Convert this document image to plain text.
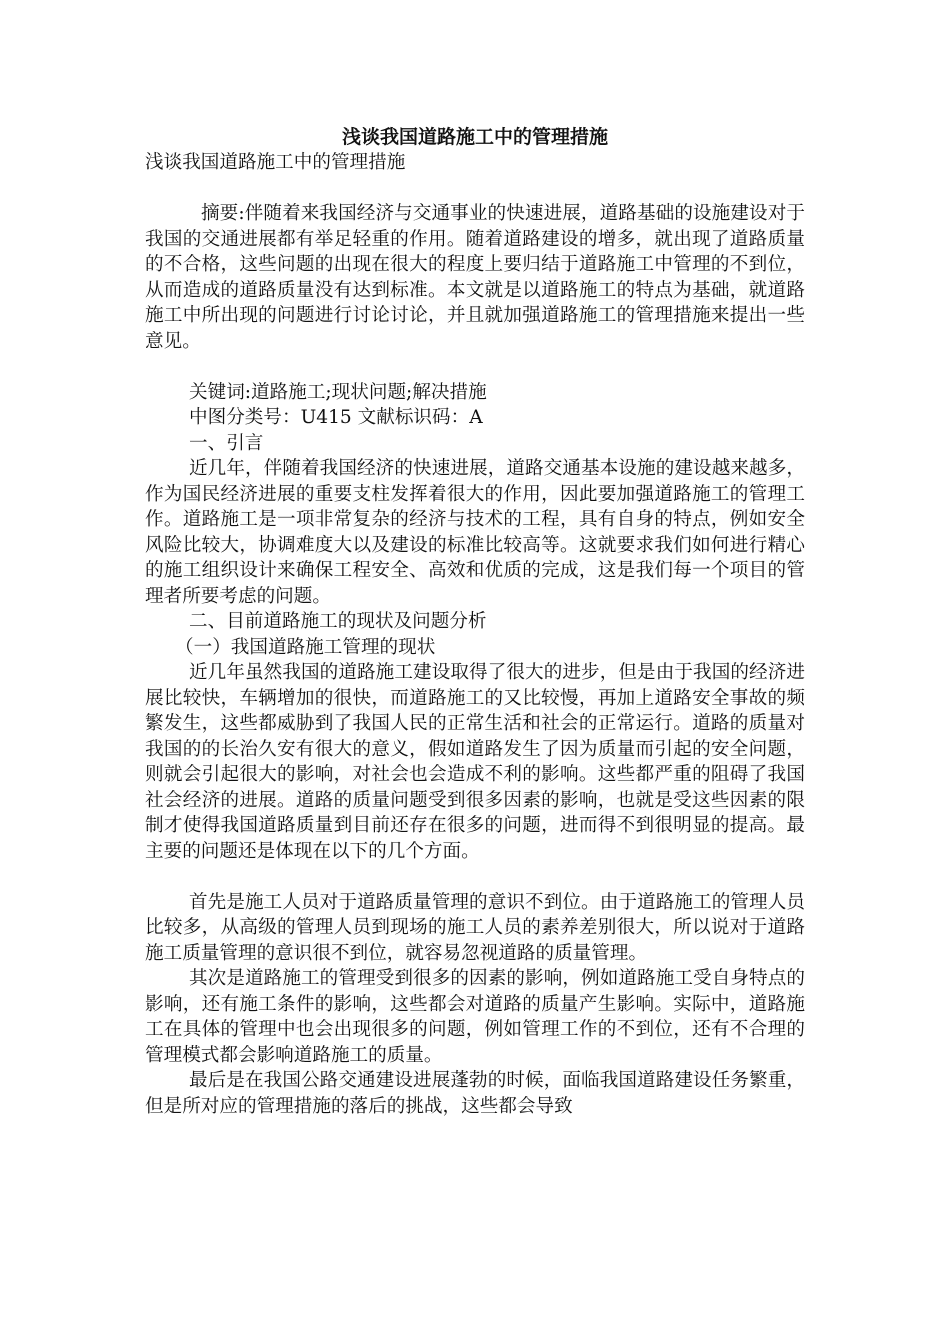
浅谈我国道路施工中的管理措施

浅谈我国道路施工中的管理措施

摘要:伴随着来我国经济与交通事业的快速进展，道路基础的设施建设对于我国的交通进展都有举足轻重的作用。随着道路建设的增多，就出现了道路质量的不合格，这些问题的出现在很大的程度上要归结于道路施工中管理的不到位，从而造成的道路质量没有达到标准。本文就是以道路施工的特点为基础，就道路施工中所出现的问题进行讨论讨论，并且就加强道路施工的管理措施来提出一些意见。

关键词:道路施工;现状问题;解决措施

中图分类号：U415 文献标识码：A

一、引言

近几年，伴随着我国经济的快速进展，道路交通基本设施的建设越来越多，作为国民经济进展的重要支柱发挥着很大的作用，因此要加强道路施工的管理工作。道路施工是一项非常复杂的经济与技术的工程，具有自身的特点，例如安全风险比较大，协调难度大以及建设的标准比较高等。这就要求我们如何进行精心的施工组织设计来确保工程安全、高效和优质的完成，这是我们每一个项目的管理者所要考虑的问题。

二、目前道路施工的现状及问题分析

（一）我国道路施工管理的现状

近几年虽然我国的道路施工建设取得了很大的进步，但是由于我国的经济进展比较快，车辆增加的很快，而道路施工的又比较慢，再加上道路安全事故的频繁发生，这些都威胁到了我国人民的正常生活和社会的正常运行。道路的质量对我国的的长治久安有很大的意义，假如道路发生了因为质量而引起的安全问题，则就会引起很大的影响，对社会也会造成不利的影响。这些都严重的阻碍了我国社会经济的进展。道路的质量问题受到很多因素的影响，也就是受这些因素的限制才使得我国道路质量到目前还存在很多的问题，进而得不到很明显的提高。最主要的问题还是体现在以下的几个方面。

首先是施工人员对于道路质量管理的意识不到位。由于道路施工的管理人员比较多，从高级的管理人员到现场的施工人员的素养差别很大，所以说对于道路施工质量管理的意识很不到位，就容易忽视道路的质量管理。

其次是道路施工的管理受到很多的因素的影响，例如道路施工受自身特点的影响，还有施工条件的影响，这些都会对道路的质量产生影响。实际中，道路施工在具体的管理中也会出现很多的问题，例如管理工作的不到位，还有不合理的管理模式都会影响道路施工的质量。

最后是在我国公路交通建设进展蓬勃的时候，面临我国道路建设任务繁重，但是所对应的管理措施的落后的挑战，这些都会导致
